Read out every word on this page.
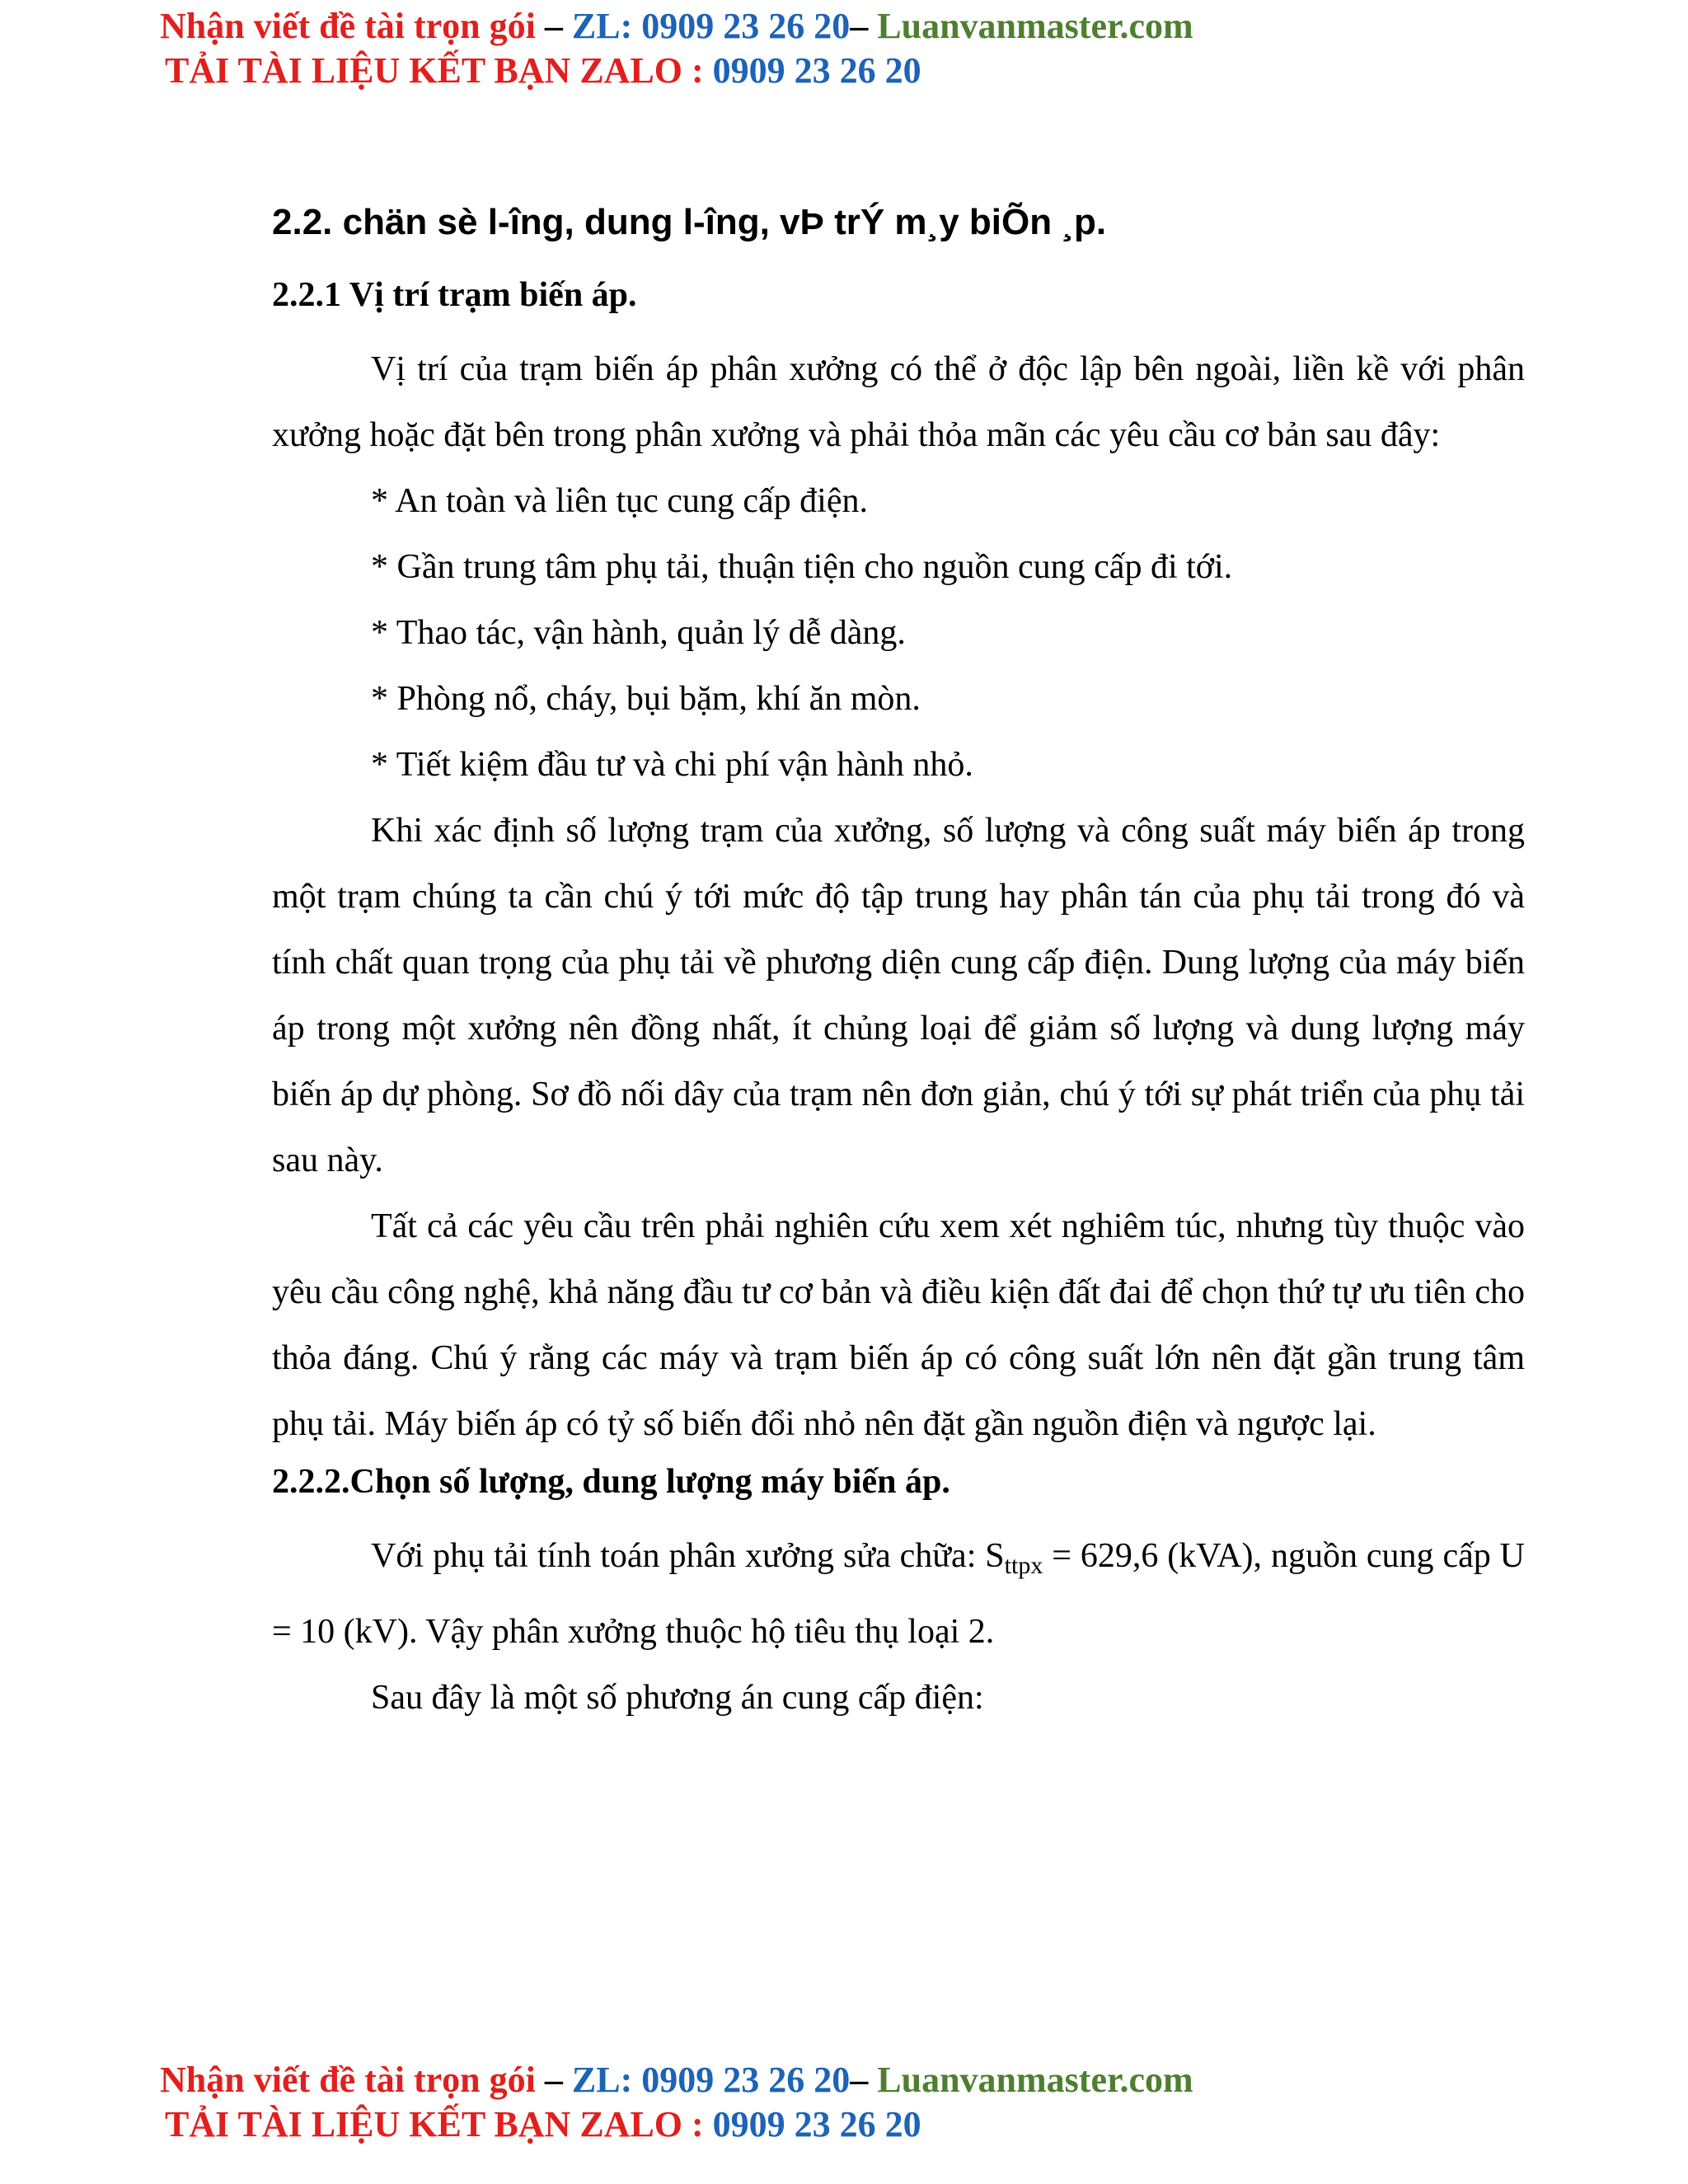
Nhận viết đề tài trọn gói – ZL: 0909 23 26 20– Luanvanmaster.com
TẢI TÀI LIỆU KẾT BẠN ZALO : 0909 23 26 20
2.2. chän sè l-îng, dung l-îng, vÞ trÝ m¸y biÕn ¸p.
2.2.1 Vị trí trạm biến áp.

Vị trí của trạm biến áp phân xưởng có thể ở độc lập bên ngoài, liền kề với phân xưởng hoặc đặt bên trong phân xưởng và phải thỏa mãn các yêu cầu cơ bản sau đây:

* An toàn và liên tục cung cấp điện.
* Gần trung tâm phụ tải, thuận tiện cho nguồn cung cấp đi tới.
* Thao tác, vận hành, quản lý dễ dàng.
* Phòng nổ, cháy, bụi bặm, khí ăn mòn.
* Tiết kiệm đầu tư và chi phí vận hành nhỏ.

Khi xác định số lượng trạm của xưởng, số lượng và công suất máy biến áp trong một trạm chúng ta cần chú ý tới mức độ tập trung hay phân tán của phụ tải trong đó và tính chất quan trọng của phụ tải về phương diện cung cấp điện. Dung lượng của máy biến áp trong một xưởng nên đồng nhất, ít chủng loại để giảm số lượng và dung lượng máy biến áp dự phòng. Sơ đồ nối dây của trạm nên đơn giản, chú ý tới sự phát triển của phụ tải sau này.

Tất cả các yêu cầu trên phải nghiên cứu xem xét nghiêm túc, nhưng tùy thuộc vào yêu cầu công nghệ, khả năng đầu tư cơ bản và điều kiện đất đai để chọn thứ tự ưu tiên cho thỏa đáng. Chú ý rằng các máy và trạm biến áp có công suất lớn nên đặt gần trung tâm phụ tải. Máy biến áp có tỷ số biến đổi nhỏ nên đặt gần nguồn điện và ngược lại.

2.2.2.Chọn số lượng, dung lượng máy biến áp.

Với phụ tải tính toán phân xưởng sửa chữa: $S_{ttpx} = 629,6$ (kVA), nguồn cung cấp U = 10 (kV). Vậy phân xưởng thuộc hộ tiêu thụ loại 2.

Sau đây là một số phương án cung cấp điện:

Nhận viết đề tài trọn gói – ZL: 0909 23 26 20– Luanvanmaster.com
TẢI TÀI LIỆU KẾT BẠN ZALO : 0909 23 26 20
